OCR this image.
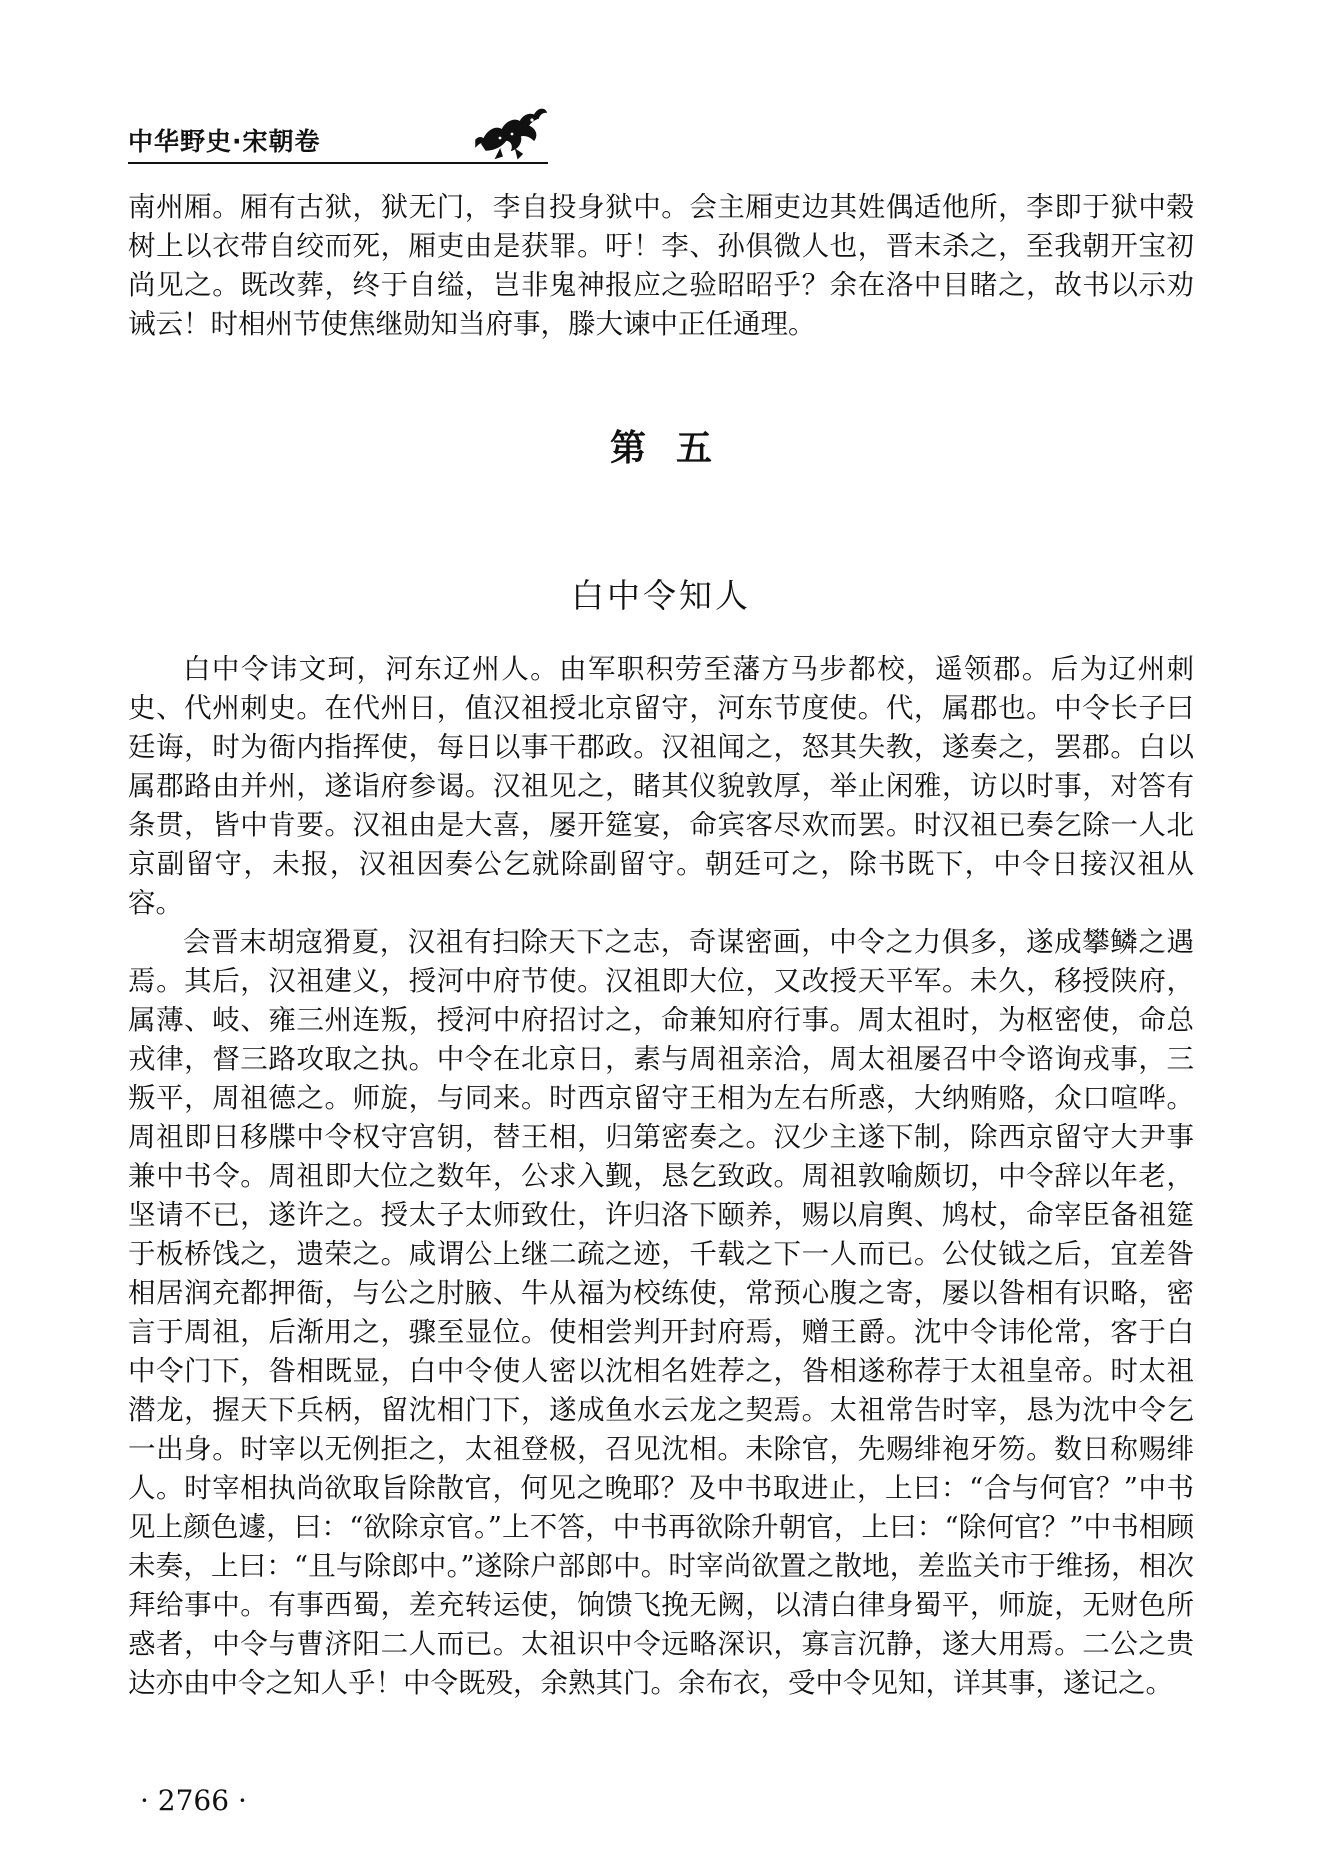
中华野史·宋朝卷

南州厢。厢有古狱，狱无门，李自投身狱中。会主厢吏边其姓偶适他所，李即于狱中榖树上以衣带自绞而死，厢吏由是获罪。吁！李、孙俱微人也，晋末杀之，至我朝开宝初尚见之。既改葬，终于自缢，岂非鬼神报应之验昭昭乎？余在洛中目睹之，故书以示劝诫云！时相州节使焦继勋知当府事，滕大谏中正任通理。

第五
白中令知人

白中令讳文珂，河东辽州人。由军职积劳至藩方马步都校，遥领郡。后为辽州刺史、代州刺史。在代州日，值汉祖授北京留守，河东节度使。代，属郡也。中令长子曰廷诲，时为衙内指挥使，每日以事干郡政。汉祖闻之，怒其失教，遂奏之，罢郡。白以属郡路由并州，遂诣府参谒。汉祖见之，睹其仪貌敦厚，举止闲雅，访以时事，对答有条贯，皆中肯要。汉祖由是大喜，屡开筵宴，命宾客尽欢而罢。时汉祖已奏乞除一人北京副留守，未报，汉祖因奏公乞就除副留守。朝廷可之，除书既下，中令日接汉祖从容。

会晋末胡寇猾夏，汉祖有扫除天下之志，奇谋密画，中令之力俱多，遂成攀鳞之遇焉。其后，汉祖建义，授河中府节使。汉祖即大位，又改授天平军。未久，移授陕府，属薄、岐、雍三州连叛，授河中府招讨之，命兼知府行事。周太祖时，为枢密使，命总戎律，督三路攻取之执。中令在北京日，素与周祖亲洽，周太祖屡召中令谘询戎事，三叛平，周祖德之。师旋，与同来。时西京留守王相为左右所惑，大纳贿赂，众口喧哗。周祖即日移牒中令权守宫钥，替王相，归第密奏之。汉少主遂下制，除西京留守大尹事兼中书令。周祖即大位之数年，公求入觐，恳乞致政。周祖敦喻颇切，中令辞以年老，坚请不已，遂许之。授太子太师致仕，许归洛下颐养，赐以肩舆、鸠杖，命宰臣备祖筵于板桥饯之，遗荣之。咸谓公上继二疏之迹，千载之下一人而已。公仗钺之后，宜差昝相居润充都押衙，与公之肘腋、牛从福为校练使，常预心腹之寄，屡以昝相有识略，密言于周祖，后渐用之，骤至显位。使相尝判开封府焉，赠王爵。沈中令讳伦常，客于白中令门下，昝相既显，白中令使人密以沈相名姓荐之，昝相遂称荐于太祖皇帝。时太祖潜龙，握天下兵柄，留沈相门下，遂成鱼水云龙之契焉。太祖常告时宰，恳为沈中令乞一出身。时宰以无例拒之，太祖登极，召见沈相。未除官，先赐绯袍牙笏。数日称赐绯人。时宰相执尚欲取旨除散官，何见之晚耶？及中书取进止，上曰：“合与何官？”中书见上颜色遽，曰：“欲除京官。”上不答，中书再欲除升朝官，上曰：“除何官？”中书相顾未奏，上曰：“且与除郎中。”遂除户部郎中。时宰尚欲置之散地，差监关市于维扬，相次拜给事中。有事西蜀，差充转运使，饷馈飞挽无阙，以清白律身蜀平，师旋，无财色所惑者，中令与曹济阳二人而已。太祖识中令远略深识，寡言沉静，遂大用焉。二公之贵达亦由中令之知人乎！中令既殁，余熟其门。余布衣，受中令见知，详其事，遂记之。

· 2766 ·
